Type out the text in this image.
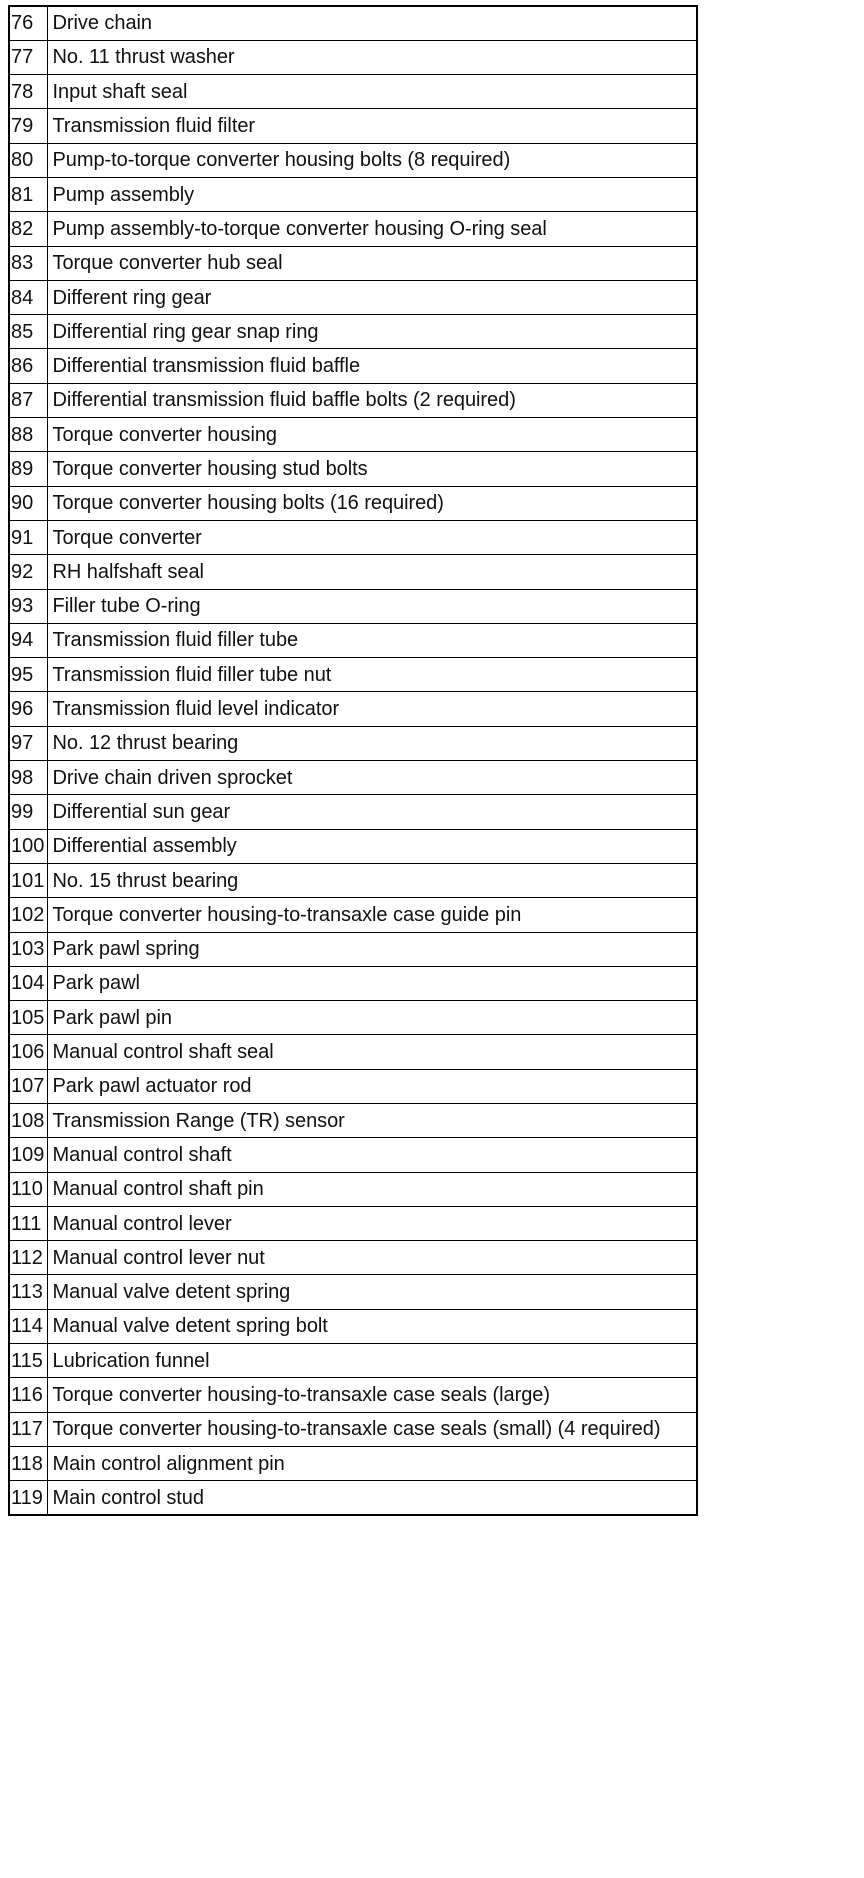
76	Drive chain
77	No. 11 thrust washer
78	Input shaft seal
79	Transmission fluid filter
80	Pump-to-torque converter housing bolts (8 required)
81	Pump assembly
82	Pump assembly-to-torque converter housing O-ring seal
83	Torque converter hub seal
84	Different ring gear
85	Differential ring gear snap ring
86	Differential transmission fluid baffle
87	Differential transmission fluid baffle bolts (2 required)
88	Torque converter housing
89	Torque converter housing stud bolts
90	Torque converter housing bolts (16 required)
91	Torque converter
92	RH halfshaft seal
93	Filler tube O-ring
94	Transmission fluid filler tube
95	Transmission fluid filler tube nut
96	Transmission fluid level indicator
97	No. 12 thrust bearing
98	Drive chain driven sprocket
99	Differential sun gear
100	Differential assembly
101	No. 15 thrust bearing
102	Torque converter housing-to-transaxle case guide pin
103	Park pawl spring
104	Park pawl
105	Park pawl pin
106	Manual control shaft seal
107	Park pawl actuator rod
108	Transmission Range (TR) sensor
109	Manual control shaft
110	Manual control shaft pin
111	Manual control lever
112	Manual control lever nut
113	Manual valve detent spring
114	Manual valve detent spring bolt
115	Lubrication funnel
116	Torque converter housing-to-transaxle case seals (large)
117	Torque converter housing-to-transaxle case seals (small) (4 required)
118	Main control alignment pin
119	Main control stud
